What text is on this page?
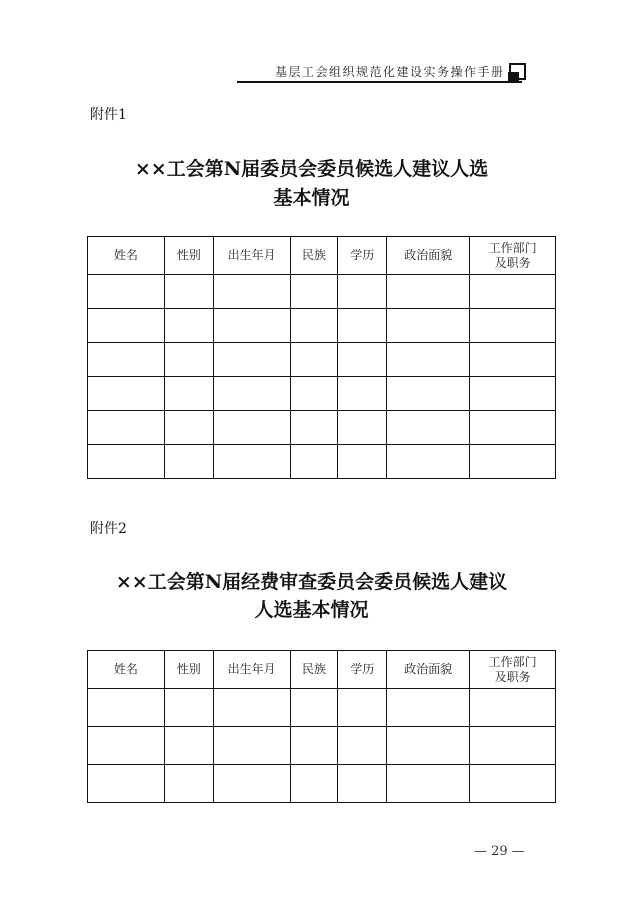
基层工会组织规范化建设实务操作手册
附件1
××工会第N届委员会委员候选人建议人选
基本情况
姓名	性别	出生年月	民族	学历	政治面貌	工作部门
及职务

附件2
××工会第N届经费审查委员会委员候选人建议
人选基本情况
姓名	性别	出生年月	民族	学历	政治面貌	工作部门
及职务

— 29 —
